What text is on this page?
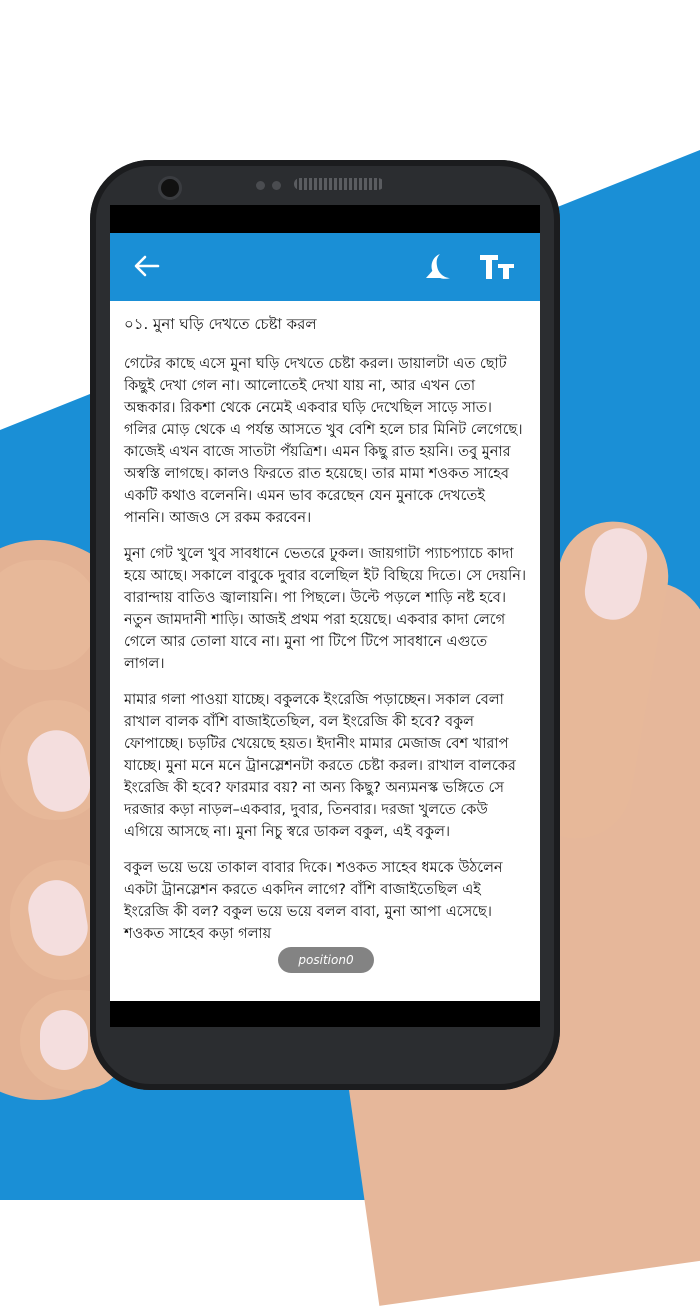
০১. মুনা ঘড়ি দেখতে চেষ্টা করল

গেটের কাছে এসে মুনা ঘড়ি দেখতে চেষ্টা করল। ডায়ালটা এত ছোট কিছুই দেখা গেল না। আলোতেই দেখা যায় না, আর এখন তো অন্ধকার। রিকশা থেকে নেমেই একবার ঘড়ি দেখেছিল সাড়ে সাত। গলির মোড় থেকে এ পর্যন্ত আসতে খুব বেশি হলে চার মিনিট লেগেছে। কাজেই এখন বাজে সাতটা পঁয়ত্রিশ। এমন কিছু রাত হয়নি। তবু মুনার অস্বস্তি লাগছে। কালও ফিরতে রাত হয়েছে। তার মামা শওকত সাহেব একটি কথাও বলেননি। এমন ভাব করেছেন যেন মুনাকে দেখতেই পাননি। আজও সে রকম করবেন।

মুনা গেট খুলে খুব সাবধানে ভেতরে ঢুকল। জায়গাটা প্যাচপ্যাচে কাদা হয়ে আছে। সকালে বাবুকে দুবার বলেছিল ইট বিছিয়ে দিতে। সে দেয়নি। বারান্দায় বাতিও জ্বালায়নি। পা পিছলে। উল্টে পড়লে শাড়ি নষ্ট হবে। নতুন জামদানী শাড়ি। আজই প্রথম পরা হয়েছে। একবার কাদা লেগে গেলে আর তোলা যাবে না। মুনা পা টিপে টিপে সাবধানে এগুতে লাগল।

মামার গলা পাওয়া যাচ্ছে। বকুলকে ইংরেজি পড়াচ্ছেন। সকাল বেলা রাখাল বালক বাঁশি বাজাইতেছিল, বল ইংরেজি কী হবে? বকুল ফোপাচ্ছে। চড়টির খেয়েছে হয়ত। ইদানীং মামার মেজাজ বেশ খারাপ যাচ্ছে। মুনা মনে মনে ট্রানস্লেশনটা করতে চেষ্টা করল। রাখাল বালকের ইংরেজি কী হবে? ফারমার বয়? না অন্য কিছু? অন্যমনস্ক ভঙ্গিতে সে দরজার কড়া নাড়ল–একবার, দুবার, তিনবার। দরজা খুলতে কেউ এগিয়ে আসছে না। মুনা নিচু স্বরে ডাকল বকুল, এই বকুল।

বকুল ভয়ে ভয়ে তাকাল বাবার দিকে। শওকত সাহেব ধমকে উঠলেন একটা ট্রানস্লেশন করতে একদিন লাগে? বাঁশি বাজাইতেছিল এই ইংরেজি কী বল? বকুল ভয়ে ভয়ে বলল বাবা, মুনা আপা এসেছে। শওকত সাহেব কড়া গলায়

position0
